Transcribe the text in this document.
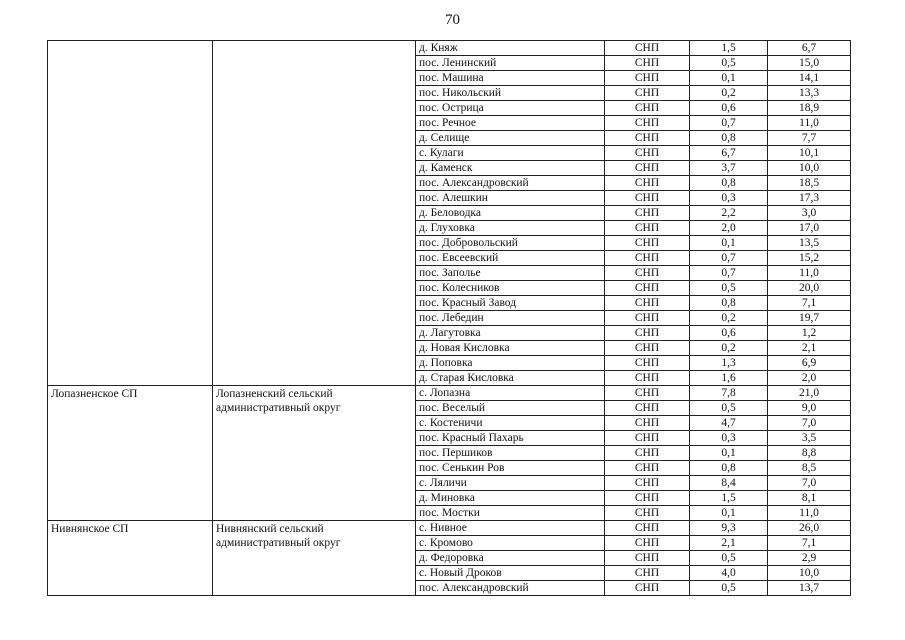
70
		д. Княж	СНП	1,5	6,7
		пос. Ленинский	СНП	0,5	15,0
		пос. Машина	СНП	0,1	14,1
		пос. Никольский	СНП	0,2	13,3
		пос. Острица	СНП	0,6	18,9
		пос. Речное	СНП	0,7	11,0
		д. Селище	СНП	0,8	7,7
		с. Кулаги	СНП	6,7	10,1
		д. Каменск	СНП	3,7	10,0
		пос. Александровский	СНП	0,8	18,5
		пос. Алешкин	СНП	0,3	17,3
		д. Беловодка	СНП	2,2	3,0
		д. Глуховка	СНП	2,0	17,0
		пос. Добровольский	СНП	0,1	13,5
		пос. Евсеевский	СНП	0,7	15,2
		пос. Заполье	СНП	0,7	11,0
		пос. Колесников	СНП	0,5	20,0
		пос. Красный Завод	СНП	0,8	7,1
		пос. Лебедин	СНП	0,2	19,7
		д. Лагутовка	СНП	0,6	1,2
		д. Новая Кисловка	СНП	0,2	2,1
		д. Поповка	СНП	1,3	6,9
		д. Старая Кисловка	СНП	1,6	2,0
Лопазненское СП	Лопазненский сельский административный округ	с. Лопазна	СНП	7,8	21,0
		пос. Веселый	СНП	0,5	9,0
		с. Костеничи	СНП	4,7	7,0
		пос. Красный Пахарь	СНП	0,3	3,5
		пос. Першиков	СНП	0,1	8,8
		пос. Сенькин Ров	СНП	0,8	8,5
		с. Ляличи	СНП	8,4	7,0
		д. Миновка	СНП	1,5	8,1
		пос. Мостки	СНП	0,1	11,0
Нивнянское СП	Нивнянский сельский административный округ	с. Нивное	СНП	9,3	26,0
		с. Кромово	СНП	2,1	7,1
		д. Федоровка	СНП	0,5	2,9
		с. Новый Дроков	СНП	4,0	10,0
		пос. Александровский	СНП	0,5	13,7
